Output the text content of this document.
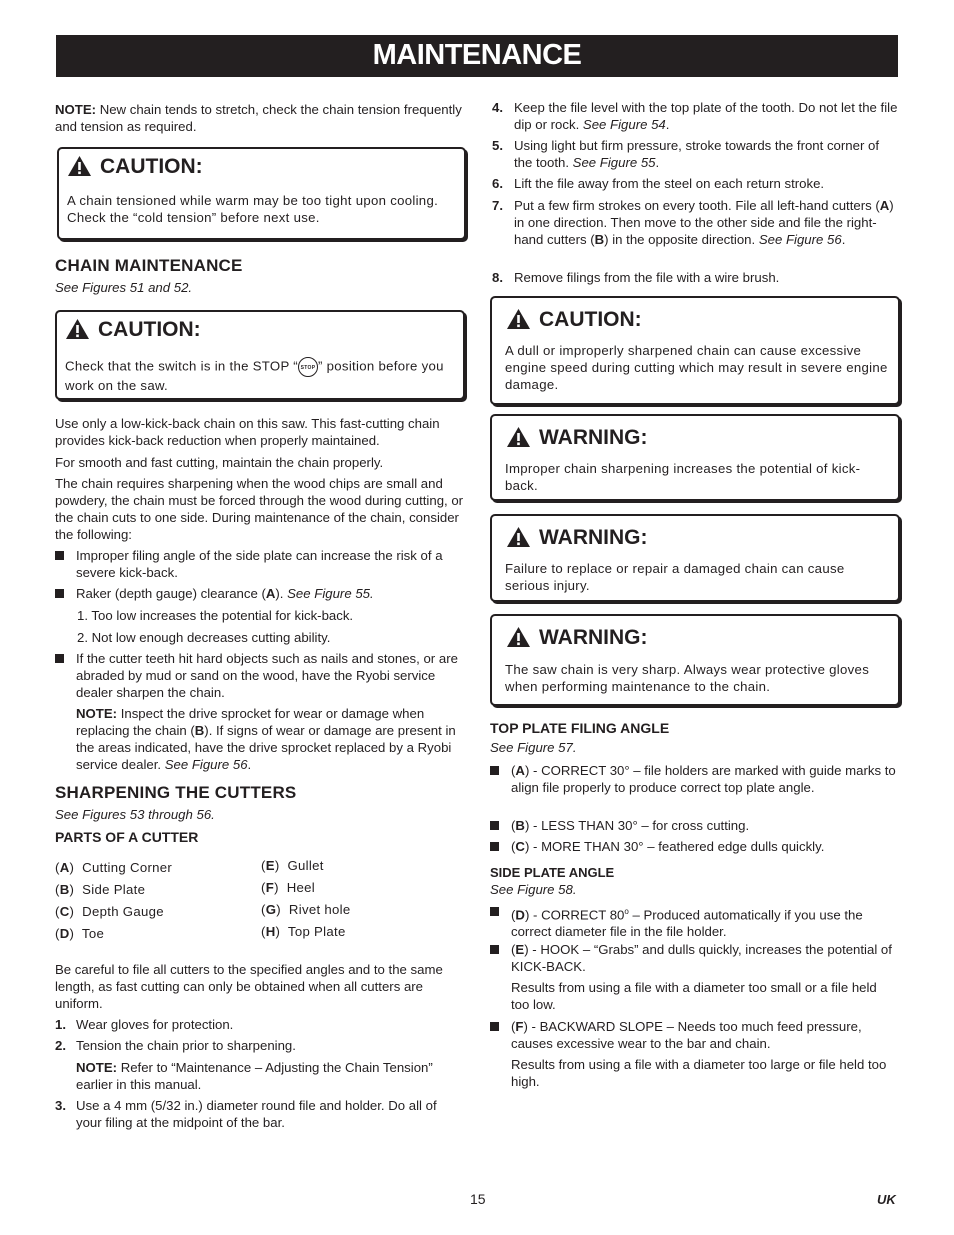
MAINTENANCE

NOTE: New chain tends to stretch, check the chain tension frequently and tension as required.

CAUTION:
A chain tensioned while warm may be too tight upon cooling. Check the “cold tension” before next use.
CHAIN MAINTENANCE
See Figures 51 and 52.
CAUTION:
Check that the switch is in the STOP “ STOP ” position before you work on the saw.

Use only a low-kick-back chain on this saw. This fast-cutting chain provides kick-back reduction when properly maintained.

For smooth and fast cutting, maintain the chain properly.

The chain requires sharpening when the wood chips are small and powdery, the chain must be forced through the wood during cutting, or the chain cuts to one side. During maintenance of the chain, consider the following:

Improper filing angle of the side plate can increase the risk of a severe kick-back.

Raker (depth gauge) clearance (A). See Figure 55.

1. Too low increases the potential for kick-back.

2. Not low enough decreases cutting ability.

If the cutter teeth hit hard objects such as nails and stones, or are abraded by mud or sand on the wood, have the Ryobi service dealer sharpen the chain.

NOTE: Inspect the drive sprocket for wear or damage when replacing the chain (B). If signs of wear or damage are present in the areas indicated, have the drive sprocket replaced by a Ryobi service dealer. See Figure 56.

SHARPENING THE CUTTERS
See Figures 53 through 56.
PARTS OF A CUTTER
(A)  Cutting Corner
(B)  Side Plate
(C)  Depth Gauge
(D)  Toe
(E)  Gullet
(F)  Heel
(G)  Rivet hole
(H)  Top Plate

Be careful to file all cutters to the specified angles and to the same length, as fast cutting can only be obtained when all cutters are uniform.

1. Wear gloves for protection.

2. Tension the chain prior to sharpening.

NOTE: Refer to “Maintenance – Adjusting the Chain Tension” earlier in this manual.

3. Use a 4 mm (5/32 in.) diameter round file and holder. Do all of your filing at the midpoint of the bar.

4. Keep the file level with the top plate of the tooth. Do not let the file dip or rock. See Figure 54.

5. Using light but firm pressure, stroke towards the front corner of the tooth. See Figure 55.

6. Lift the file away from the steel on each return stroke.

7. Put a few firm strokes on every tooth. File all left-hand cutters (A) in one direction. Then move to the other side and file the right-hand cutters (B) in the opposite direction. See Figure 56.

8. Remove filings from the file with a wire brush.

CAUTION:
A dull or improperly sharpened chain can cause excessive engine speed during cutting which may result in severe engine damage.
WARNING:
Improper chain sharpening increases the potential of kick-back.
WARNING:
Failure to replace or repair a damaged chain can cause serious injury.
WARNING:
The saw chain is very sharp. Always wear protective gloves when performing maintenance to the chain.
TOP PLATE FILING ANGLE
See Figure 57.

(A) - CORRECT 30° – file holders are marked with guide marks to align file properly to produce correct top plate angle.

(B) - LESS THAN 30° – for cross cutting.

(C) - MORE THAN 30° – feathered edge dulls quickly.

SIDE PLATE ANGLE
See Figure 58.

(D) - CORRECT 80$^o$ – Produced automatically if you use the correct diameter file in the file holder.

(E) - HOOK – “Grabs” and dulls quickly, increases the potential of KICK-BACK.

Results from using a file with a diameter too small or a file held too low.

(F) - BACKWARD SLOPE – Needs too much feed pressure, causes excessive wear to the bar and chain.

Results from using a file with a diameter too large or file held too high.

15	UK
